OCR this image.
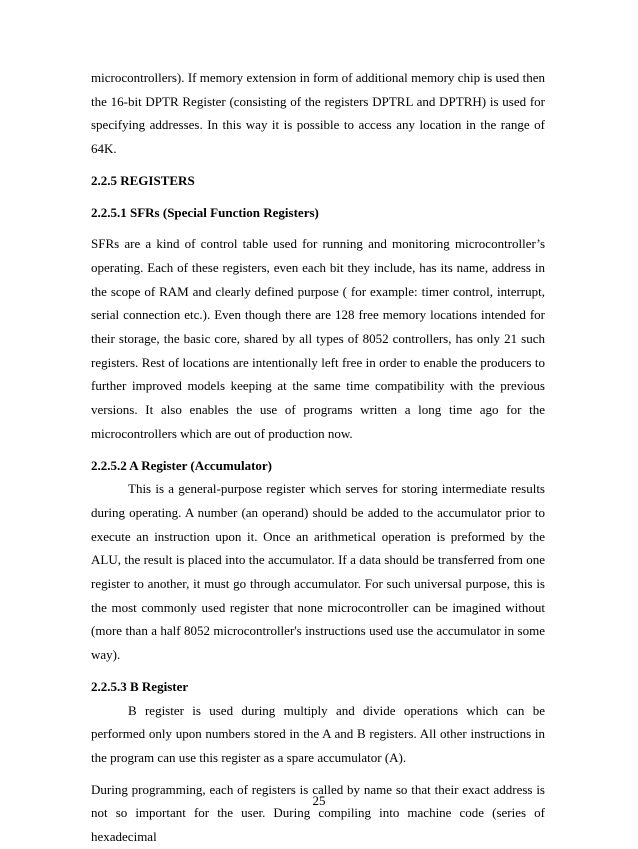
microcontrollers). If memory extension in form of additional memory chip is used then the 16-bit DPTR Register (consisting of the registers DPTRL and DPTRH) is used for specifying addresses. In this way it is possible to access any location in the range of 64K.

2.2.5 REGISTERS

2.2.5.1 SFRs (Special Function Registers)

SFRs are a kind of control table used for running and monitoring microcontroller’s operating. Each of these registers, even each bit they include, has its name, address in the scope of RAM and clearly defined purpose ( for example: timer control, interrupt, serial connection etc.). Even though there are 128 free memory locations intended for their storage, the basic core, shared by all types of 8052 controllers, has only 21 such registers. Rest of locations are intentionally left free in order to enable the producers to further improved models keeping at the same time compatibility with the previous versions. It also enables the use of programs written a long time ago for the microcontrollers which are out of production now.

2.2.5.2 A Register (Accumulator)

This is a general-purpose register which serves for storing intermediate results during operating. A number (an operand) should be added to the accumulator prior to execute an instruction upon it. Once an arithmetical operation is preformed by the ALU, the result is placed into the accumulator. If a data should be transferred from one register to another, it must go through accumulator. For such universal purpose, this is the most commonly used register that none microcontroller can be imagined without (more than a half 8052 microcontroller's instructions used use the accumulator in some way).

2.2.5.3 B Register

B register is used during multiply and divide operations which can be performed only upon numbers stored in the A and B registers. All other instructions in the program can use this register as a spare accumulator (A).

During programming, each of registers is called by name so that their exact address is not so important for the user. During compiling into machine code (series of hexadecimal

25
